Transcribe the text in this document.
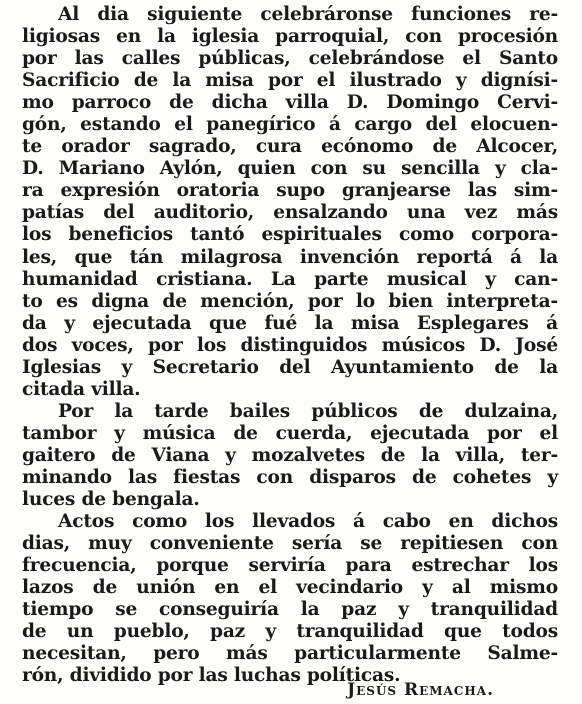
Al dia siguiente celebráronse funciones re-
ligiosas en la iglesia parroquial, con procesión
por las calles públicas, celebrándose el Santo
Sacrificio de la misa por el ilustrado y dignísi-
mo parroco de dicha villa D. Domingo Cervi-
gón, estando el panegírico á cargo del elocuen-
te orador sagrado, cura ecónomo de Alcocer,
D. Mariano Aylón, quien con su sencilla y cla-
ra expresión oratoria supo granjearse las sim-
patías del auditorio, ensalzando una vez más
los beneficios tantó espirituales como corpora-
les, que tán milagrosa invención reportá á la
humanidad cristiana. La parte musical y can-
to es digna de mención, por lo bien interpreta-
da y ejecutada que fué la misa Esplegares á
dos voces, por los distinguidos músicos D. José
Iglesias y Secretario del Ayuntamiento de la
citada villa.
Por la tarde bailes públicos de dulzaina,
tambor y música de cuerda, ejecutada por el
gaitero de Viana y mozalvetes de la villa, ter-
minando las fiestas con disparos de cohetes y
luces de bengala.
Actos como los llevados á cabo en dichos
dias, muy conveniente sería se repitiesen con
frecuencia, porque serviría para estrechar los
lazos de unión en el vecindario y al mismo
tiempo se conseguiría la paz y tranquilidad
de un pueblo, paz y tranquilidad que todos
necesitan, pero más particularmente Salme-
rón, dividido por las luchas políticas.
Jesús Remacha.
